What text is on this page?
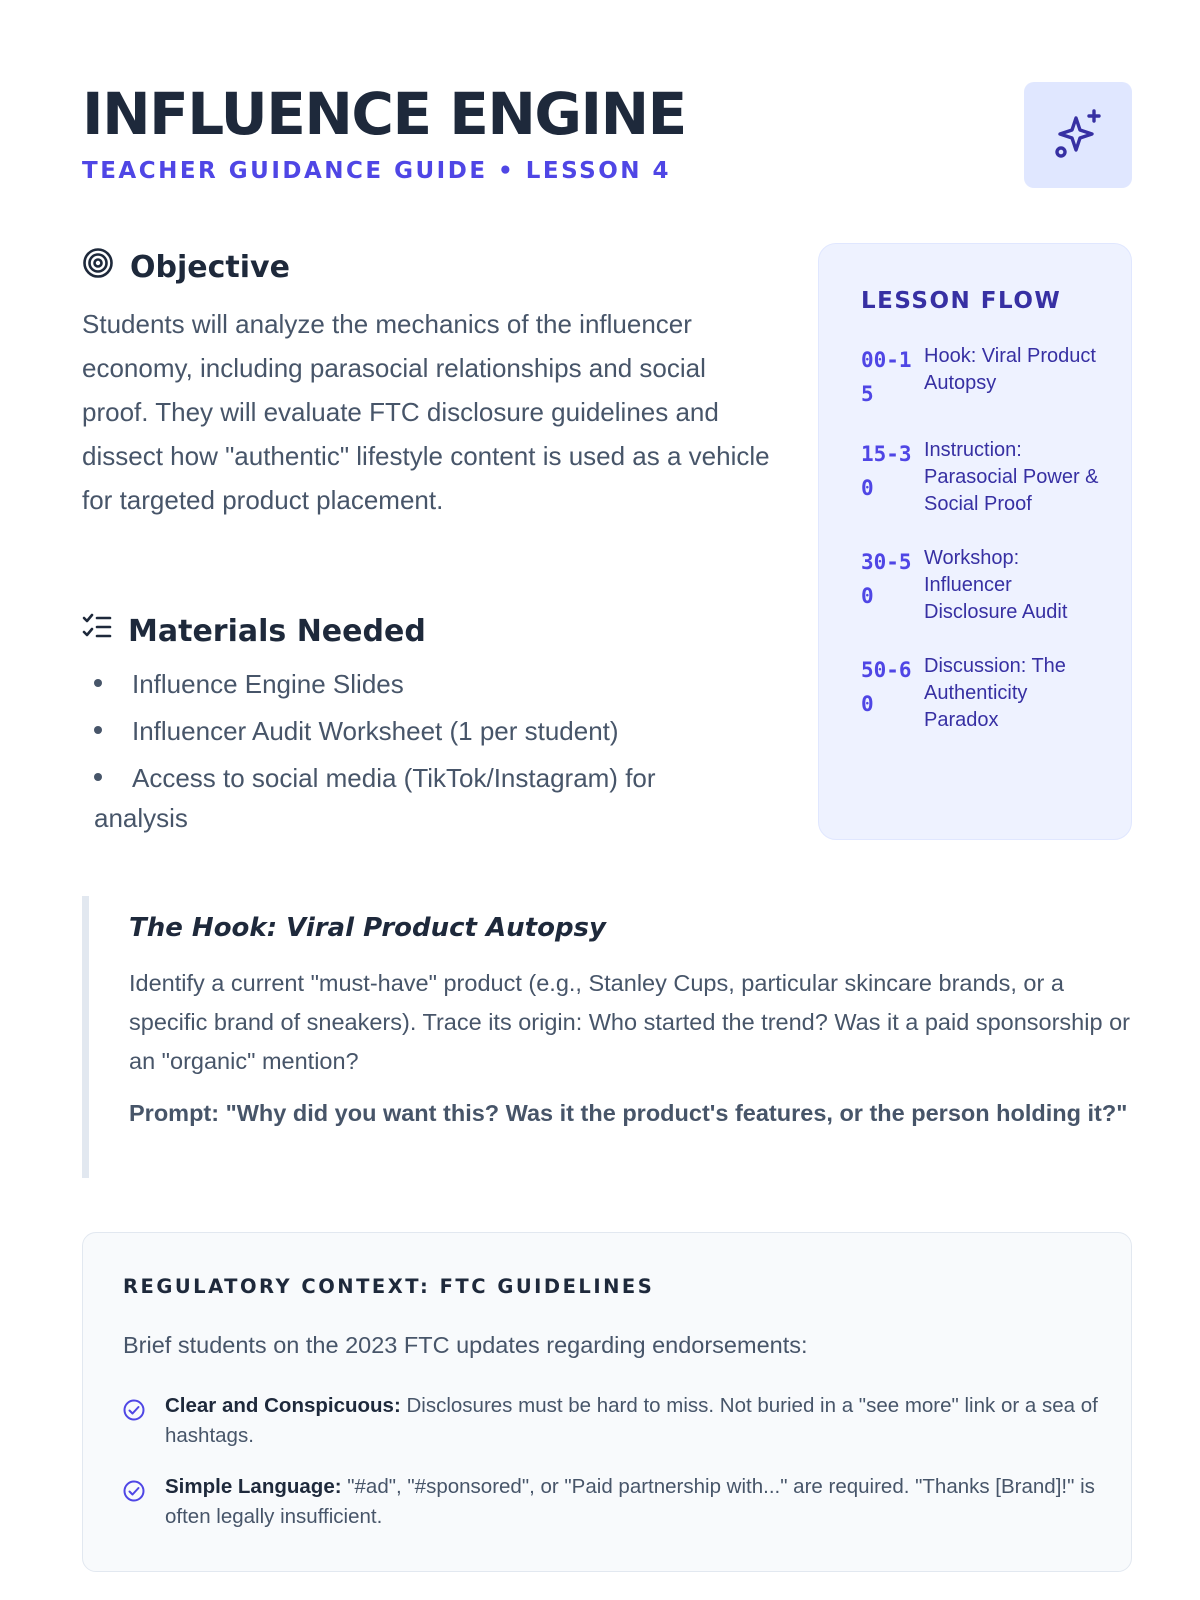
INFLUENCE ENGINE
TEACHER GUIDANCE GUIDE • LESSON 4
Objective

Students will analyze the mechanics of the influencer economy, including parasocial relationships and social proof. They will evaluate FTC disclosure guidelines and dissect how "authentic" lifestyle content is used as a vehicle for targeted product placement.

Materials Needed
Influence Engine Slides
Influencer Audit Worksheet (1 per student)
Access to social media (TikTok/Instagram) for analysis
LESSON FLOW
00-15
Hook: Viral Product Autopsy
15-30
Instruction: Parasocial Power & Social Proof
30-50
Workshop: Influencer Disclosure Audit
50-60
Discussion: The Authenticity Paradox
The Hook: Viral Product Autopsy

Identify a current "must-have" product (e.g., Stanley Cups, particular skincare brands, or a specific brand of sneakers). Trace its origin: Who started the trend? Was it a paid sponsorship or an "organic" mention?

Prompt: "Why did you want this? Was it the product's features, or the person holding it?"

REGULATORY CONTEXT: FTC GUIDELINES
Brief students on the 2023 FTC updates regarding endorsements:
Clear and Conspicuous: Disclosures must be hard to miss. Not buried in a "see more" link or a sea of hashtags.
Simple Language: "#ad", "#sponsored", or "Paid partnership with..." are required. "Thanks [Brand]!" is often legally insufficient.
